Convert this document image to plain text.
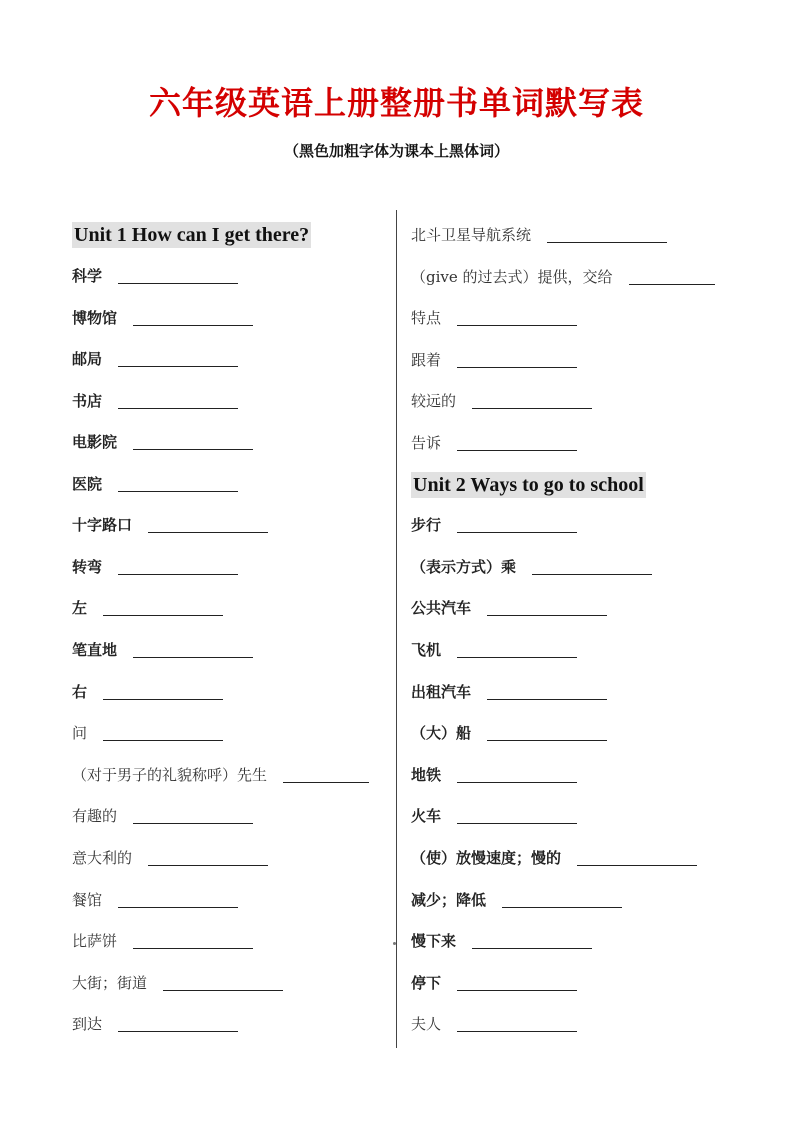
六年级英语上册整册书单词默写表
（黑色加粗字体为课本上黑体词）
Unit 1 How can I get there?
科学
博物馆
邮局
书店
电影院
医院
十字路口
转弯
左
笔直地
右
问
（对于男子的礼貌称呼）先生
有趣的
意大利的
餐馆
比萨饼
大街；街道
到达
北斗卫星导航系统
（give 的过去式）提供，交给
特点
跟着
较远的
告诉
Unit 2 Ways to go to school
步行
（表示方式）乘
公共汽车
飞机
出租汽车
（大）船
地铁
火车
（使）放慢速度；慢的
减少；降低
慢下来
停下
夫人
